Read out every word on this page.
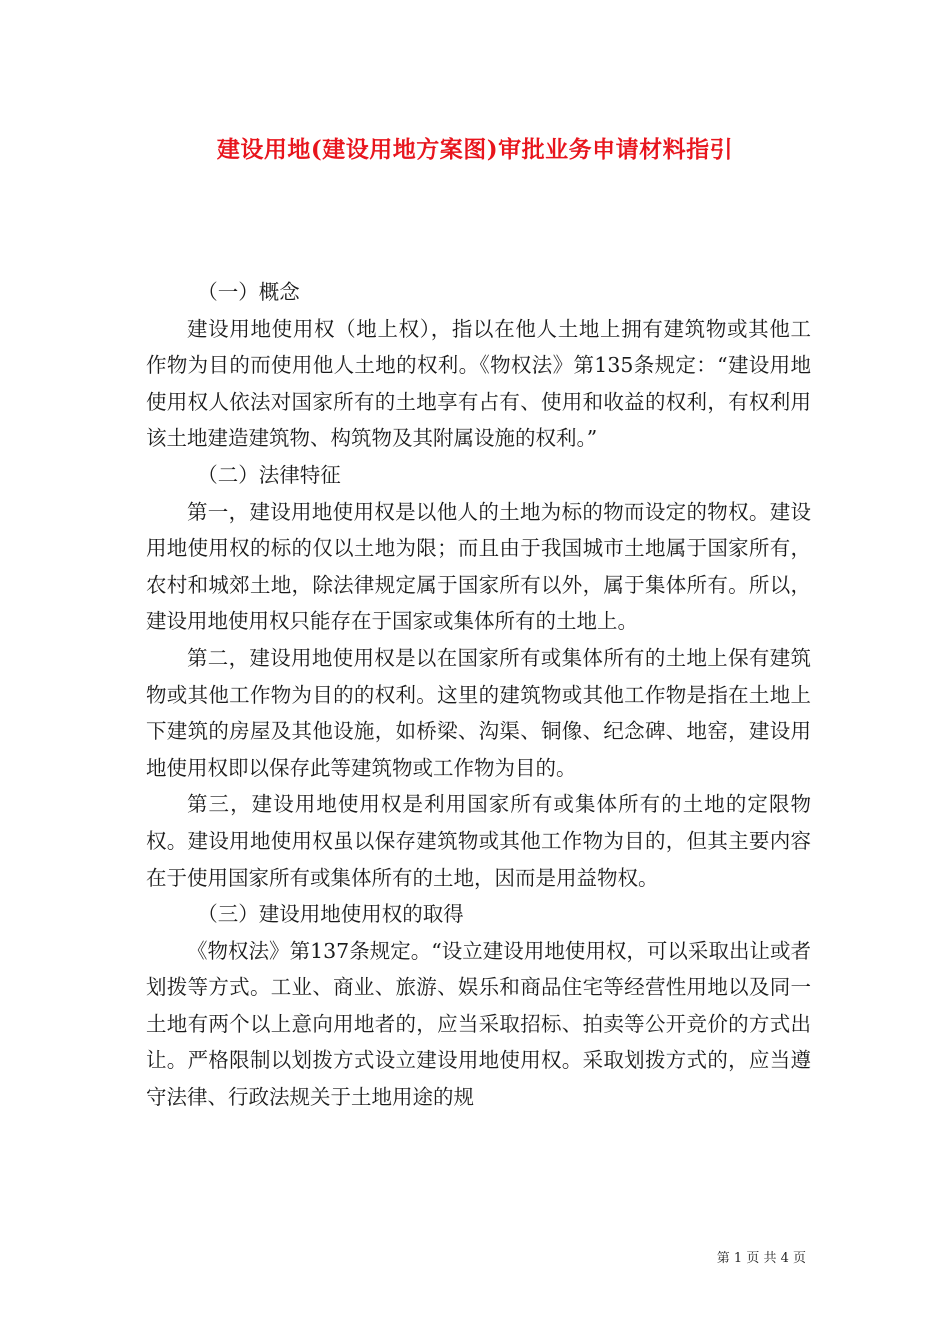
建设用地(建设用地方案图)审批业务申请材料指引

（一）概念

建设用地使用权（地上权），指以在他人土地上拥有建筑物或其他工作物为目的而使用他人土地的权利。《物权法》第135条规定：“建设用地使用权人依法对国家所有的土地享有占有、使用和收益的权利，有权利用该土地建造建筑物、构筑物及其附属设施的权利。”

（二）法律特征

第一，建设用地使用权是以他人的土地为标的物而设定的物权。建设用地使用权的标的仅以土地为限；而且由于我国城市土地属于国家所有，农村和城郊土地，除法律规定属于国家所有以外，属于集体所有。所以，建设用地使用权只能存在于国家或集体所有的土地上。

第二，建设用地使用权是以在国家所有或集体所有的土地上保有建筑物或其他工作物为目的的权利。这里的建筑物或其他工作物是指在土地上下建筑的房屋及其他设施，如桥梁、沟渠、铜像、纪念碑、地窑，建设用地使用权即以保存此等建筑物或工作物为目的。

第三，建设用地使用权是利用国家所有或集体所有的土地的定限物权。建设用地使用权虽以保存建筑物或其他工作物为目的，但其主要内容在于使用国家所有或集体所有的土地，因而是用益物权。

（三）建设用地使用权的取得

《物权法》第137条规定。“设立建设用地使用权，可以采取出让或者划拨等方式。工业、商业、旅游、娱乐和商品住宅等经营性用地以及同一土地有两个以上意向用地者的，应当采取招标、拍卖等公开竞价的方式出让。严格限制以划拨方式设立建设用地使用权。采取划拨方式的，应当遵守法律、行政法规关于土地用途的规

第 1 页 共 4 页
